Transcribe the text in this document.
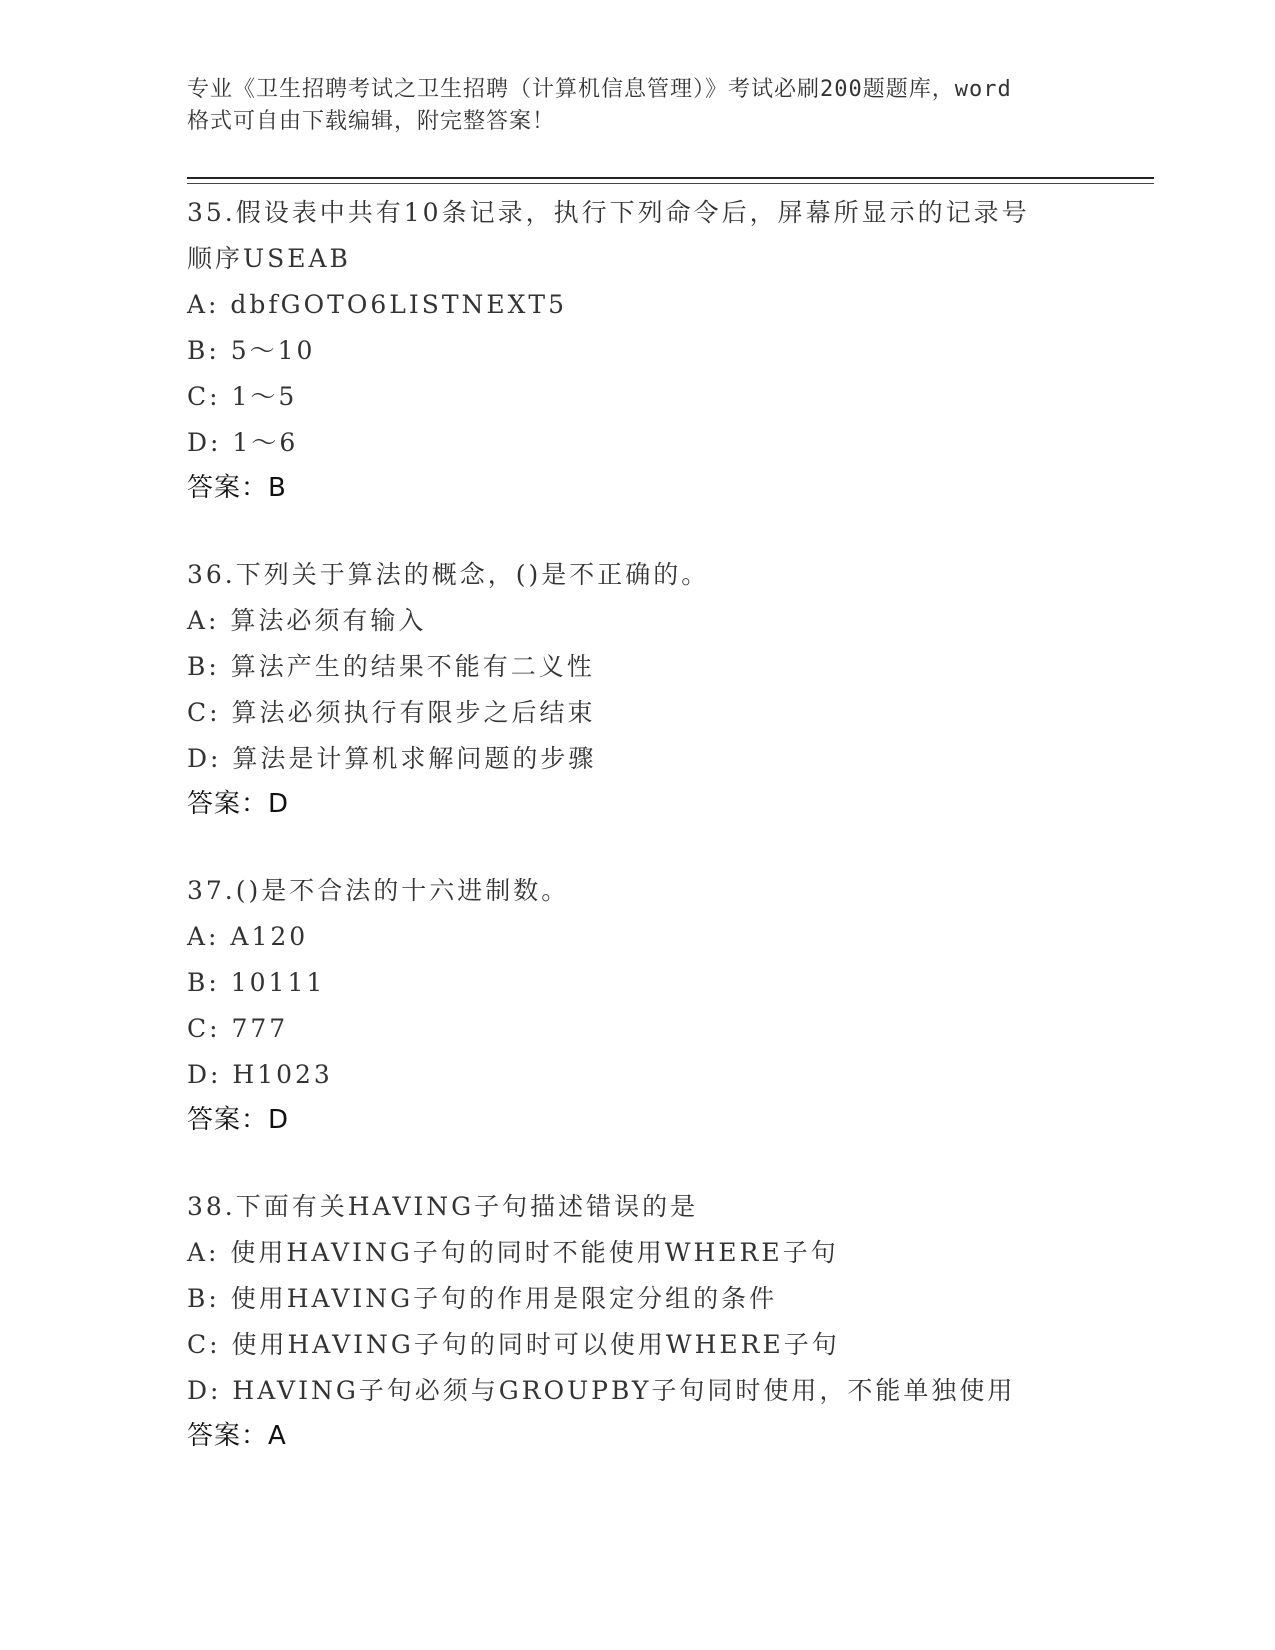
专业《卫生招聘考试之卫生招聘（计算机信息管理）》考试必刷200题题库，word
格式可自由下载编辑，附完整答案！
35.假设表中共有10条记录，执行下列命令后，屏幕所显示的记录号
顺序USEAB
A: dbfGOTO6LISTNEXT5
B: 5～10
C: 1～5
D: 1～6
答案：B
36.下列关于算法的概念，()是不正确的。
A: 算法必须有输入
B: 算法产生的结果不能有二义性
C: 算法必须执行有限步之后结束
D: 算法是计算机求解问题的步骤
答案：D
37.()是不合法的十六进制数。
A: A120
B: 10111
C: 777
D: H1023
答案：D
38.下面有关HAVING子句描述错误的是
A: 使用HAVING子句的同时不能使用WHERE子句
B: 使用HAVING子句的作用是限定分组的条件
C: 使用HAVING子句的同时可以使用WHERE子句
D: HAVING子句必须与GROUPBY子句同时使用，不能单独使用
答案：A
